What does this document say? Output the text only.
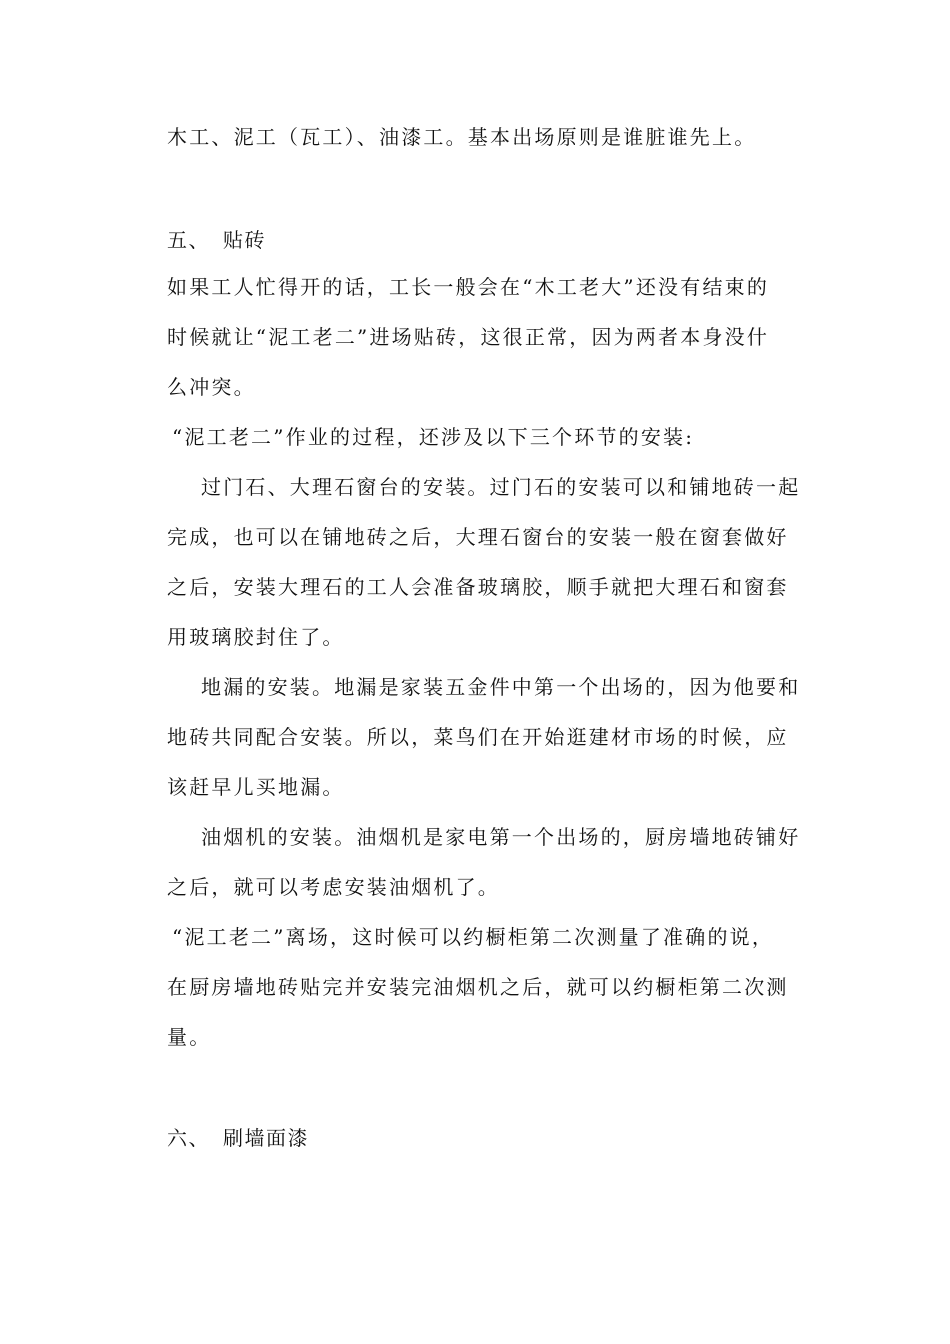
木工、泥工（瓦工）、油漆工。基本出场原则是谁脏谁先上。
五、 贴砖
如果工人忙得开的话，工长一般会在“木工老大”还没有结束的
时候就让“泥工老二”进场贴砖，这很正常，因为两者本身没什
么冲突。
“泥工老二”作业的过程，还涉及以下三个环节的安装:
过门石、大理石窗台的安装。过门石的安装可以和铺地砖一起
完成，也可以在铺地砖之后，大理石窗台的安装一般在窗套做好
之后，安装大理石的工人会准备玻璃胶，顺手就把大理石和窗套
用玻璃胶封住了。
地漏的安装。地漏是家装五金件中第一个出场的，因为他要和
地砖共同配合安装。所以，菜鸟们在开始逛建材市场的时候，应
该赶早儿买地漏。
油烟机的安装。油烟机是家电第一个出场的，厨房墙地砖铺好
之后，就可以考虑安装油烟机了。
“泥工老二”离场，这时候可以约橱柜第二次测量了准确的说，
在厨房墙地砖贴完并安装完油烟机之后，就可以约橱柜第二次测
量。
六、 刷墙面漆
